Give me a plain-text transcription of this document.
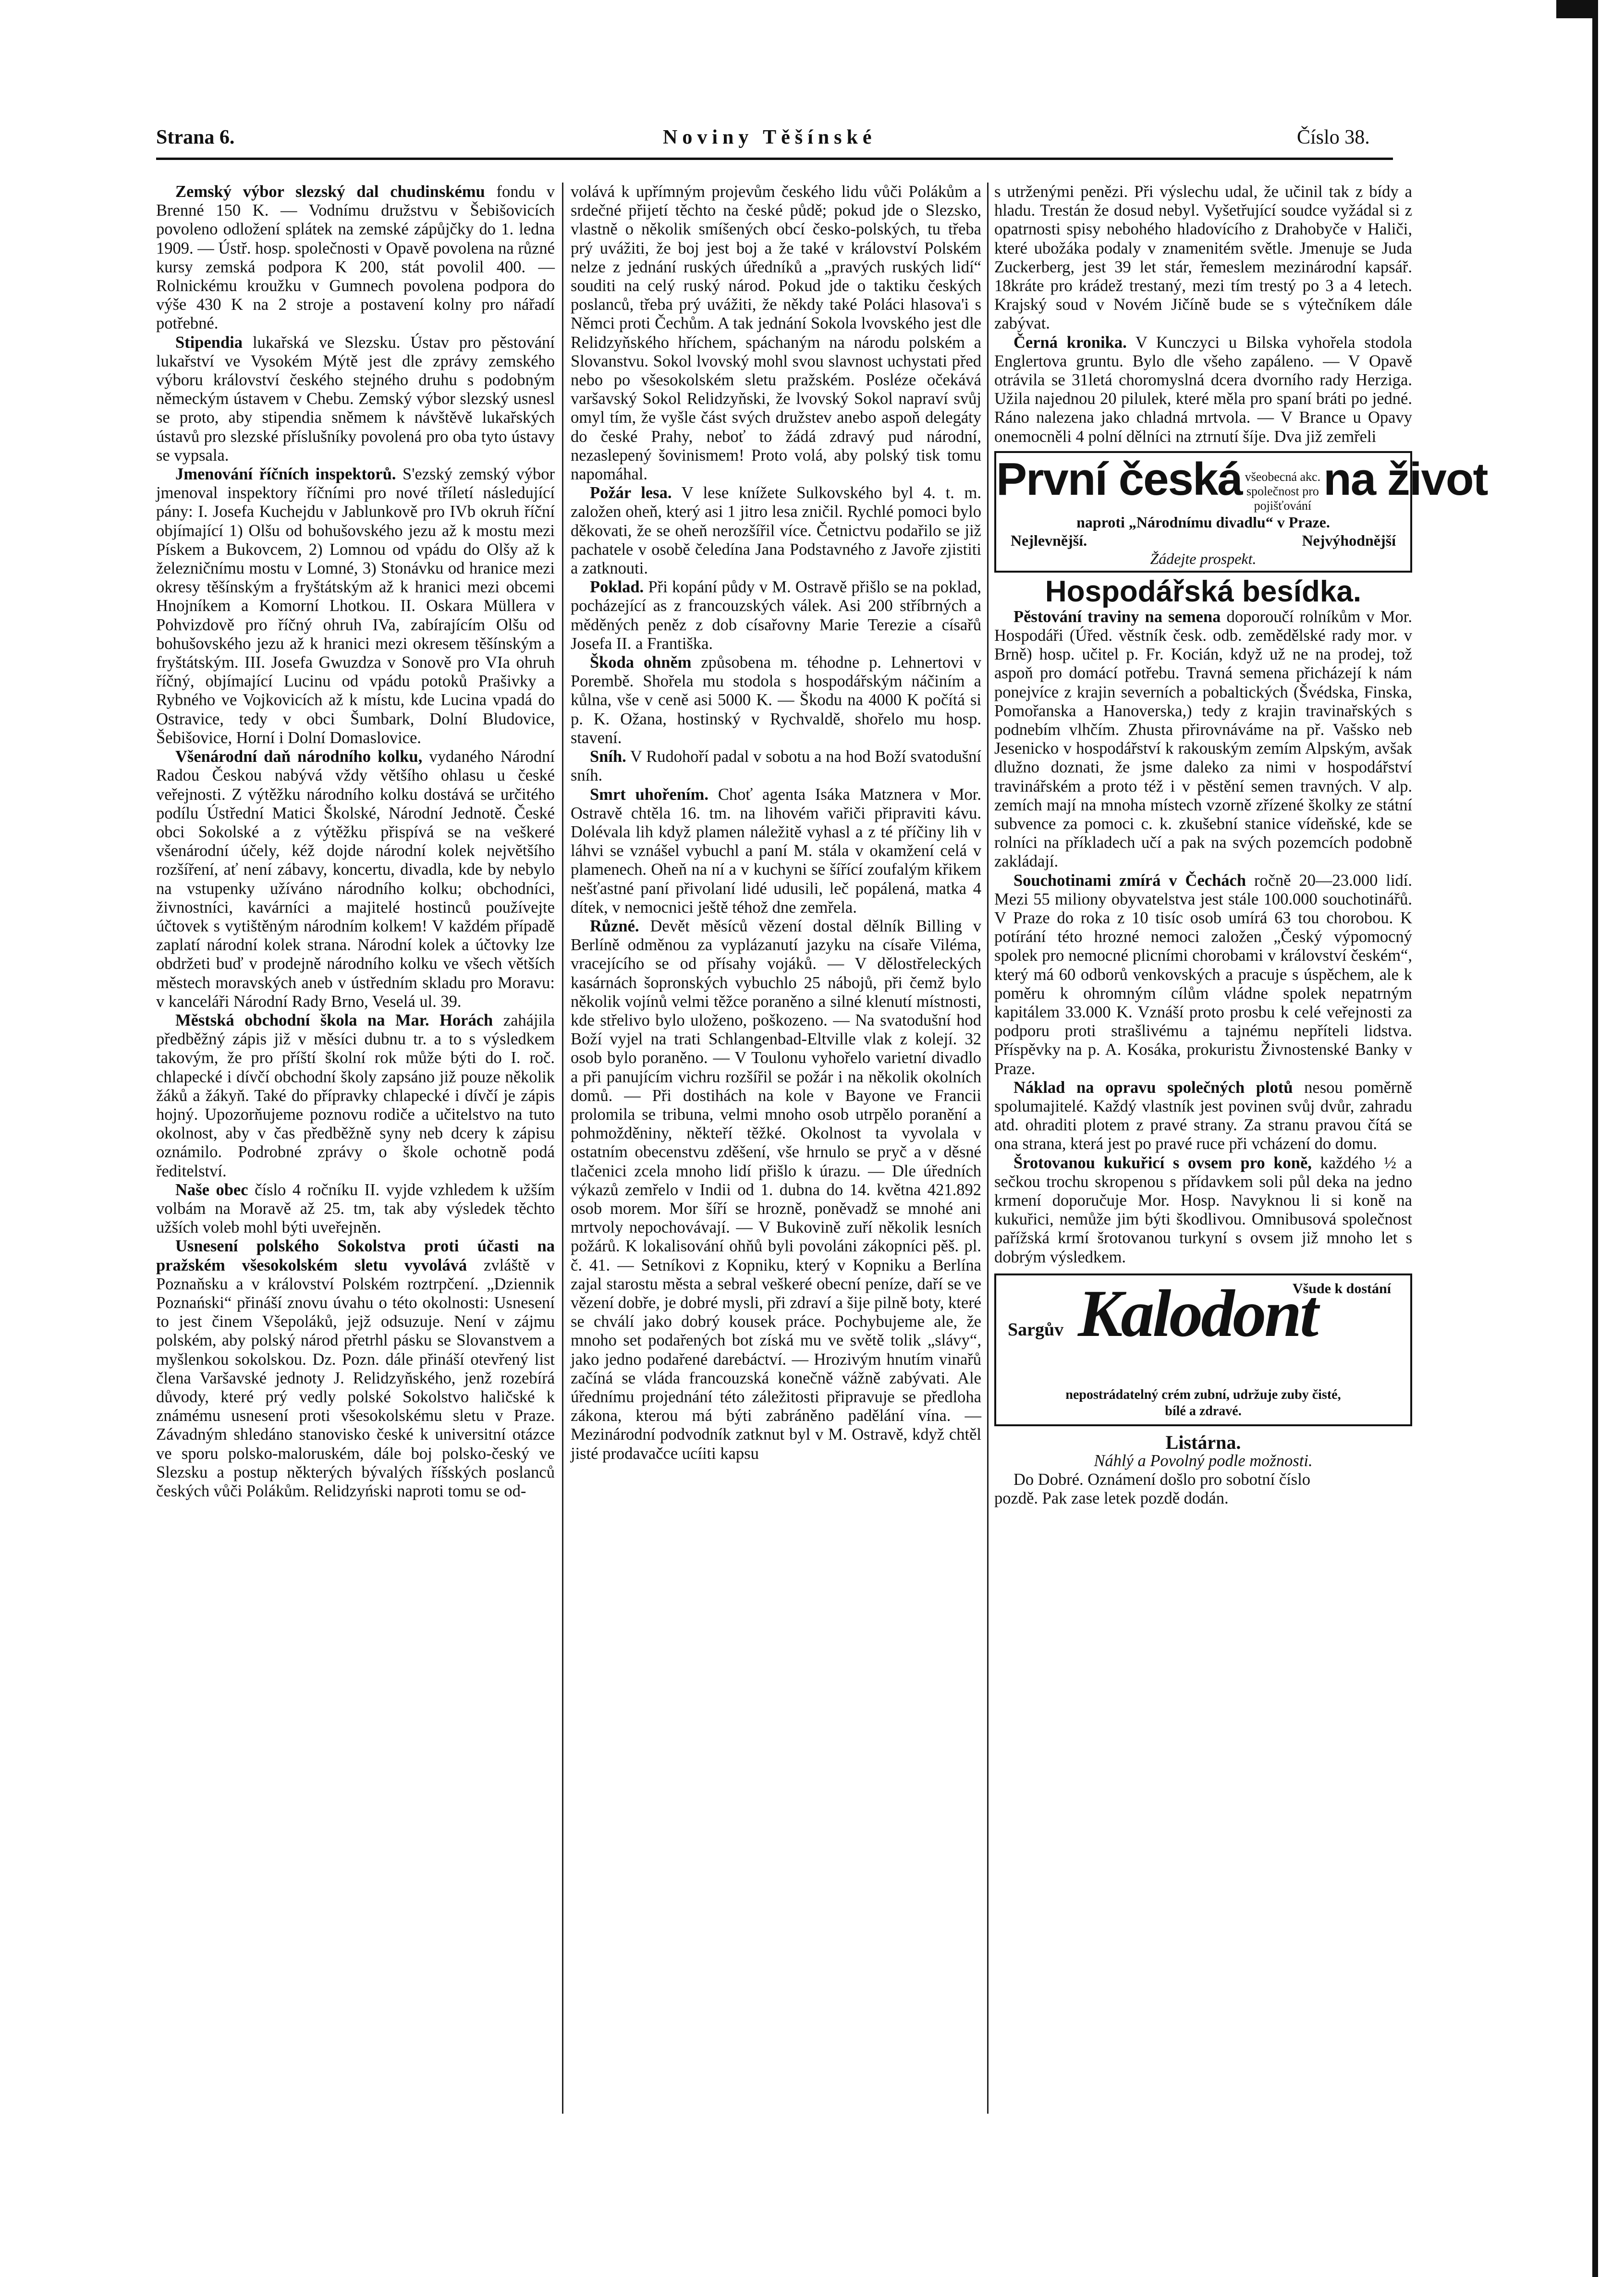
Strana 6.	Noviny Těšínské	Číslo 38.

Zemský výbor slezský dal chudinskému fondu v Brenné 150 K. — Vodnímu družstvu v Šebišovicích povoleno odložení splátek na zemské zápůjčky do 1. ledna 1909. — Ústř. hosp. společnosti v Opavě povolena na různé kursy zemská podpora K 200, stát povolil 400. — Rolnickému kroužku v Gumnech povolena podpora do výše 430 K na 2 stroje a postavení kolny pro nářadí potřebné.

Stipendia lukařská ve Slezsku. Ústav pro pěstování lukařství ve Vysokém Mýtě jest dle zprávy zemského výboru království českého stejného druhu s podobným německým ústavem v Chebu. Zemský výbor slezský usnesl se proto, aby stipendia sněmem k návštěvě lukařských ústavů pro slezské příslušníky povolená pro oba tyto ústavy se vypsala.

Jmenování říčních inspektorů. S'ezský zemský výbor jmenoval inspektory říčními pro nové tříletí následující pány: I. Josefa Kuchejdu v Jablunkově pro IVb okruh říční objímající 1) Olšu od bohušovského jezu až k mostu mezi Pískem a Bukovcem, 2) Lomnou od vpádu do Olšy až k železničnímu mostu v Lomné, 3) Stonávku od hranice mezi okresy těšínským a fryštátským až k hranici mezi obcemi Hnojníkem a Komorní Lhotkou. II. Oskara Müllera v Pohvizdově pro říčný ohruh IVa, zabírajícím Olšu od bohušovského jezu až k hranici mezi okresem těšínským a fryštátským. III. Josefa Gwuzdza v Sonově pro VIa ohruh říčný, objímající Lucinu od vpádu potoků Prašivky a Rybného ve Vojkovicích až k místu, kde Lucina vpadá do Ostravice, tedy v obci Šumbark, Dolní Bludovice, Šebišovice, Horní i Dolní Domaslovice.

Všenárodní daň národního kolku, vydaného Národní Radou Českou nabývá vždy většího ohlasu u české veřejnosti. Z výtěžku národního kolku dostává se určitého podílu Ústřední Matici Školské, Národní Jednotě. České obci Sokolské a z výtěžku přispívá se na veškeré všenárodní účely, kéž dojde národní kolek největšího rozšíření, ať není zábavy, koncertu, divadla, kde by nebylo na vstupenky užíváno národního kolku; obchodníci, živnostníci, kavárníci a majitelé hostinců používejte účtovek s vytištěným národním kolkem! V každém případě zaplatí národní kolek strana. Národní kolek a účtovky lze obdržeti buď v prodejně národního kolku ve všech větších městech moravských aneb v ústředním skladu pro Moravu: v kanceláři Národní Rady Brno, Veselá ul. 39.

Městská obchodní škola na Mar. Horách zahájila předběžný zápis již v měsíci dubnu tr. a to s výsledkem takovým, že pro příští školní rok může býti do I. roč. chlapecké i dívčí obchodní školy zapsáno již pouze několik žáků a žákyň. Také do přípravky chlapecké i dívčí je zápis hojný. Upozorňujeme poznovu rodiče a učitelstvo na tuto okolnost, aby v čas předběžně syny neb dcery k zápisu oznámilo. Podrobné zprávy o škole ochotně podá ředitelství.

Naše obec číslo 4 ročníku II. vyjde vzhledem k užším volbám na Moravě až 25. tm, tak aby výsledek těchto užších voleb mohl býti uveřejněn.

Usnesení polského Sokolstva proti účasti na pražském všesokolském sletu vyvolává zvláště v Poznaňsku a v království Polském roztrpčení. „Dziennik Poznański“ přináší znovu úvahu o této okolnosti: Usnesení to jest činem Všepoláků, jejž odsuzuje. Není v zájmu polském, aby polský národ přetrhl pásku se Slovanstvem a myšlenkou sokolskou. Dz. Pozn. dále přináší otevřený list člena Varšavské jednoty J. Relidzyňského, jenž rozebírá důvody, které prý vedly polské Sokolstvo haličské k známému usnesení proti všesokolskému sletu v Praze. Závadným shledáno stanovisko české k universitní otázce ve sporu polsko-maloruském, dále boj polsko-český ve Slezsku a postup některých bývalých říšských poslanců českých vůči Polákům. Relidzyński naproti tomu se od-

volává k upřímným projevům českého lidu vůči Polákům a srdečné přijetí těchto na české půdě; pokud jde o Slezsko, vlastně o několik smíšených obcí česko-polských, tu třeba prý uvážiti, že boj jest boj a že také v království Polském nelze z jednání ruských úředníků a „pravých ruských lidí“ souditi na celý ruský národ. Pokud jde o taktiku českých poslanců, třeba prý uvážiti, že někdy také Poláci hlasova'i s Němci proti Čechům. A tak jednání Sokola lvovského jest dle Relidzyňského hříchem, spáchaným na národu polském a Slovanstvu. Sokol lvovský mohl svou slavnost uchystati před nebo po všesokolském sletu pražském. Posléze očekává varšavský Sokol Relidzyňski, že lvovský Sokol napraví svůj omyl tím, že vyšle část svých družstev anebo aspoň delegáty do české Prahy, neboť to žádá zdravý pud národní, nezaslepený šovinismem! Proto volá, aby polský tisk tomu napomáhal.

Požár lesa. V lese knížete Sulkovského byl 4. t. m. založen oheň, který asi 1 jitro lesa zničil. Rychlé pomoci bylo děkovati, že se oheň nerozšířil více. Četnictvu podařilo se již pachatele v osobě čeledína Jana Podstavného z Javoře zjistiti a zatknouti.

Poklad. Při kopání půdy v M. Ostravě přišlo se na poklad, pocházející as z francouzských válek. Asi 200 stříbrných a měděných peněz z dob císařovny Marie Terezie a císařů Josefa II. a Františka.

Škoda ohněm způsobena m. téhodne p. Lehnertovi v Porembě. Shořela mu stodola s hospodářským náčiním a kůlna, vše v ceně asi 5000 K. — Škodu na 4000 K počítá si p. K. Ožana, hostinský v Rychvaldě, shořelo mu hosp. stavení.

Sníh. V Rudohoří padal v sobotu a na hod Boží svatodušní sníh.

Smrt uhořením. Choť agenta Isáka Matznera v Mor. Ostravě chtěla 16. tm. na lihovém vařiči připraviti kávu. Dolévala lih když plamen náležitě vyhasl a z té příčiny lih v láhvi se vznášel vybuchl a paní M. stála v okamžení celá v plamenech. Oheň na ní a v kuchyni se šířící zoufalým křikem nešťastné paní přivolaní lidé udusili, leč popálená, matka 4 dítek, v nemocnici ještě téhož dne zemřela.

Různé. Devět měsíců vězení dostal dělník Billing v Berlíně odměnou za vyplázanutí jazyku na císaře Viléma, vracejícího se od přísahy vojáků. — V dělostřeleckých kasárnách šopronských vybuchlo 25 nábojů, při čemž bylo několik vojínů velmi těžce poraněno a silné klenutí místnosti, kde střelivo bylo uloženo, poškozeno. — Na svatodušní hod Boží vyjel na trati Schlangenbad-Eltville vlak z kolejí. 32 osob bylo poraněno. — V Toulonu vyhořelo varietní divadlo a při panujícím vichru rozšířil se požár i na několik okolních domů. — Při dostihách na kole v Bayone ve Francii prolomila se tribuna, velmi mnoho osob utrpělo poranění a pohmožděniny, někteří těžké. Okolnost ta vyvolala v ostatním obecenstvu zděšení, vše hrnulo se pryč a v děsné tlačenici zcela mnoho lidí přišlo k úrazu. — Dle úředních výkazů zemřelo v Indii od 1. dubna do 14. května 421.892 osob morem. Mor šíří se hrozně, poněvadž se mnohé ani mrtvoly nepochovávají. — V Bukovině zuří několik lesních požárů. K lokalisování ohňů byli povoláni zákopníci pěš. pl. č. 41. — Setníkovi z Kopniku, který v Kopniku a Berlína zajal starostu města a sebral veškeré obecní peníze, daří se ve vězení dobře, je dobré mysli, při zdraví a šije pilně boty, které se chválí jako dobrý kousek práce. Pochybujeme ale, že mnoho set podařených bot získá mu ve světě tolik „slávy“, jako jedno podařené darebáctví. — Hrozivým hnutím vinařů začíná se vláda francouzská konečně vážně zabývati. Ale úřednímu projednání této záležitosti připravuje se předloha zákona, kterou má býti zabráněno padělání vína. — Mezinárodní podvodník zatknut byl v M. Ostravě, když chtěl jisté prodavačce ucíiti kapsu

s utrženými penězi. Při výslechu udal, že učinil tak z bídy a hladu. Trestán že dosud nebyl. Vyšetřující soudce vyžádal si z opatrnosti spisy nebohého hladovícího z Drahobyče v Haliči, které ubožáka podaly v znamenitém světle. Jmenuje se Juda Zuckerberg, jest 39 let stár, řemeslem mezinárodní kapsář. 18kráte pro krádež trestaný, mezi tím trestý po 3 a 4 letech. Krajský soud v Novém Jičíně bude se s výtečníkem dále zabývat.

Černá kronika. V Kunczyci u Bilska vyhořela stodola Englertova gruntu. Bylo dle všeho zapáleno. — V Opavě otrávila se 31letá choromyslná dcera dvorního rady Herziga. Užila najednou 20 pilulek, které měla pro spaní bráti po jedné. Ráno nalezena jako chladná mrtvola. — V Brance u Opavy onemocněli 4 polní dělníci na ztrnutí šíje. Dva již zemřeli

První česká všeobecná akc.
společnost pro
pojišťovánína život
naproti „Národnímu divadlu“ v Praze.
Nejlevnější.	Nejvýhodnější
Žádejte prospekt.
Hospodářská besídka.

Pěstování traviny na semena doporoučí rolníkům v Mor. Hospodáři (Úřed. věstník česk. odb. zemědělské rady mor. v Brně) hosp. učitel p. Fr. Kocián, když už ne na prodej, tož aspoň pro domácí potřebu. Travná semena přicházejí k nám ponejvíce z krajin severních a pobaltických (Švédska, Finska, Pomořanska a Hanoverska,) tedy z krajin travinařských s podnebím vlhčím. Zhusta přirovnáváme na př. Vašsko neb Jesenicko v hospodářství k rakouským zemím Alpským, avšak dlužno doznati, že jsme daleko za nimi v hospodářství travinářském a proto též i v pěstění semen travných. V alp. zemích mají na mnoha místech vzorně zřízené školky ze státní subvence za pomoci c. k. zkušební stanice vídeňské, kde se rolníci na příkladech učí a pak na svých pozemcích podobně zakládají.

Souchotinami zmírá v Čechách ročně 20—23.000 lidí. Mezi 55 miliony obyvatelstva jest stále 100.000 souchotinářů. V Praze do roka z 10 tisíc osob umírá 63 tou chorobou. K potírání této hrozné nemoci založen „Český výpomocný spolek pro nemocné plicními chorobami v království českém“, který má 60 odborů venkovských a pracuje s úspěchem, ale k poměru k ohromným cílům vládne spolek nepatrným kapitálem 33.000 K. Vznáší proto prosbu k celé veřejnosti za podporu proti strašlivému a tajnému nepříteli lidstva. Příspěvky na p. A. Kosáka, prokuristu Živnostenské Banky v Praze.

Náklad na opravu společných plotů nesou poměrně spolumajitelé. Každý vlastník jest povinen svůj dvůr, zahradu atd. ohraditi plotem z pravé strany. Za stranu pravou čítá se ona strana, která jest po pravé ruce při vcházení do domu.

Šrotovanou kukuřicí s ovsem pro koně, každého ½ a sečkou trochu skropenou s přídavkem soli půl deka na jedno krmení doporučuje Mor. Hosp. Navyknou li si koně na kukuřici, nemůže jim býti škodlivou. Omnibusová společnost pařížská krmí šrotovanou turkyní s ovsem již mnoho let s dobrým výsledkem.

Všude k dostání
Sargův Kalodont
nepostrádatelný crém zubní, udržuje zuby čisté,
bílé a zdravé.
Listárna.
Náhlý a Povolný podle možnosti.
Do Dobré. Oznámení došlo pro sobotní číslo
pozdě. Pak zase letek pozdě dodán.
